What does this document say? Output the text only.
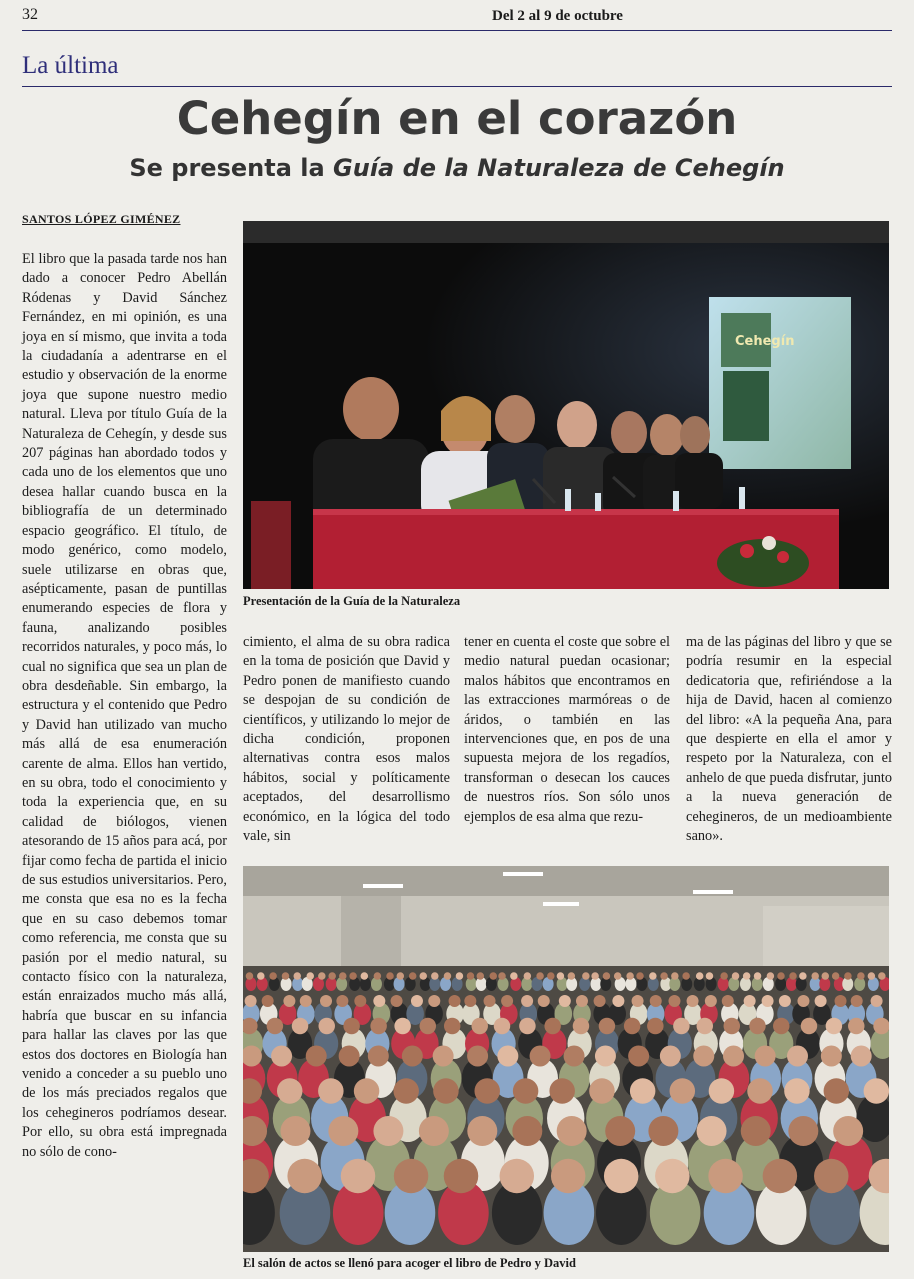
32	Del 2 al 9 de octubre
La última
Cehegín en el corazón
Se presenta la Guía de la Naturaleza de Cehegín
SANTOS LÓPEZ GIMÉNEZ

El libro que la pasada tarde nos han dado a conocer Pedro Abellán Ródenas y David Sánchez Fernández, en mi opinión, es una joya en sí mismo, que invita a toda la ciudadanía a adentrarse en el estudio y observación de la enorme joya que supone nuestro medio natural. Lleva por título Guía de la Naturaleza de Cehegín, y desde sus 207 páginas han abordado todos y cada uno de los elementos que uno desea hallar cuando busca en la bibliografía de un determinado espacio geográfico. El título, de modo genérico, como modelo, suele utilizarse en obras que, asépticamente, pasan de puntillas enumerando especies de flora y fauna, analizando posibles recorridos naturales, y poco más, lo cual no significa que sea un plan de obra desdeñable. Sin embargo, la estructura y el contenido que Pedro y David han utilizado van mucho más allá de esa enumeración carente de alma. Ellos han vertido, en su obra, todo el conocimiento y toda la experiencia que, en su calidad de biólogos, vienen atesorando de 15 años para acá, por fijar como fecha de partida el inicio de sus estudios universitarios. Pero, me consta que esa no es la fecha que en su caso debemos tomar como referencia, me consta que su pasión por el medio natural, su contacto físico con la naturaleza, están enraizados mucho más allá, habría que buscar en su infancia para hallar las claves por las que estos dos doctores en Biología han venido a conceder a su pueblo uno de los más preciados regalos que los cehegineros podríamos desear. Por ello, su obra está impregnada no sólo de cono-

Cehegín
Presentación de la Guía de la Naturaleza

cimiento, el alma de su obra radica en la toma de posición que David y Pedro ponen de manifiesto cuando se despojan de su condición de científicos, y utilizando lo mejor de dicha condición, proponen alternativas contra esos malos hábitos, social y políticamente aceptados, del desarrollismo económico, en la lógica del todo vale, sin

tener en cuenta el coste que sobre el medio natural puedan ocasionar; malos hábitos que encontramos en las extracciones marmóreas o de áridos, o también en las intervenciones que, en pos de una supuesta mejora de los regadíos, transforman o desecan los cauces de nuestros ríos. Son sólo unos ejemplos de esa alma que rezu-

ma de las páginas del libro y que se podría resumir en la especial dedicatoria que, refiriéndose a la hija de David, hacen al comienzo del libro: «A la pequeña Ana, para que despierte en ella el amor y respeto por la Naturaleza, con el anhelo de que pueda disfrutar, junto a la nueva generación de cehegineros, de un medioambiente sano».

El salón de actos se llenó para acoger el libro de Pedro y David
